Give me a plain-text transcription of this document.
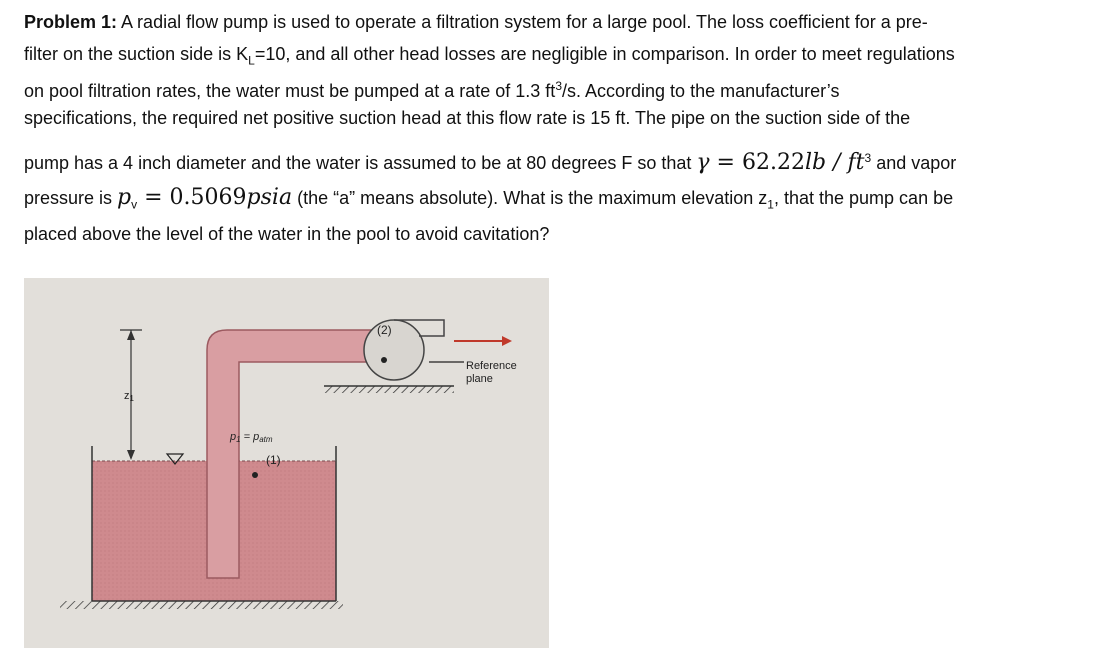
Problem 1: A radial flow pump is used to operate a filtration system for a large pool. The loss coefficient for a pre-
filter on the suction side is $K_L=10$, and all other head losses are negligible in comparison. In order to meet regulations
on pool filtration rates, the water must be pumped at a rate of 1.3 $ft^3/s$. According to the manufacturer’s
specifications, the required net positive suction head at this flow rate is 15 ft. The pipe on the suction side of the
pump has a 4 inch diameter and the water is assumed to be at 80 degrees F so that $\gamma = 62.22lb / ft^3$ and vapor
pressure is $p_v$ = 0.5069psia (the “a” means absolute). What is the maximum elevation $z_1$, that the pump can be
placed above the level of the water in the pool to avoid cavitation?
(2)
Reference
plane
z1
p1 = patm
(1)
